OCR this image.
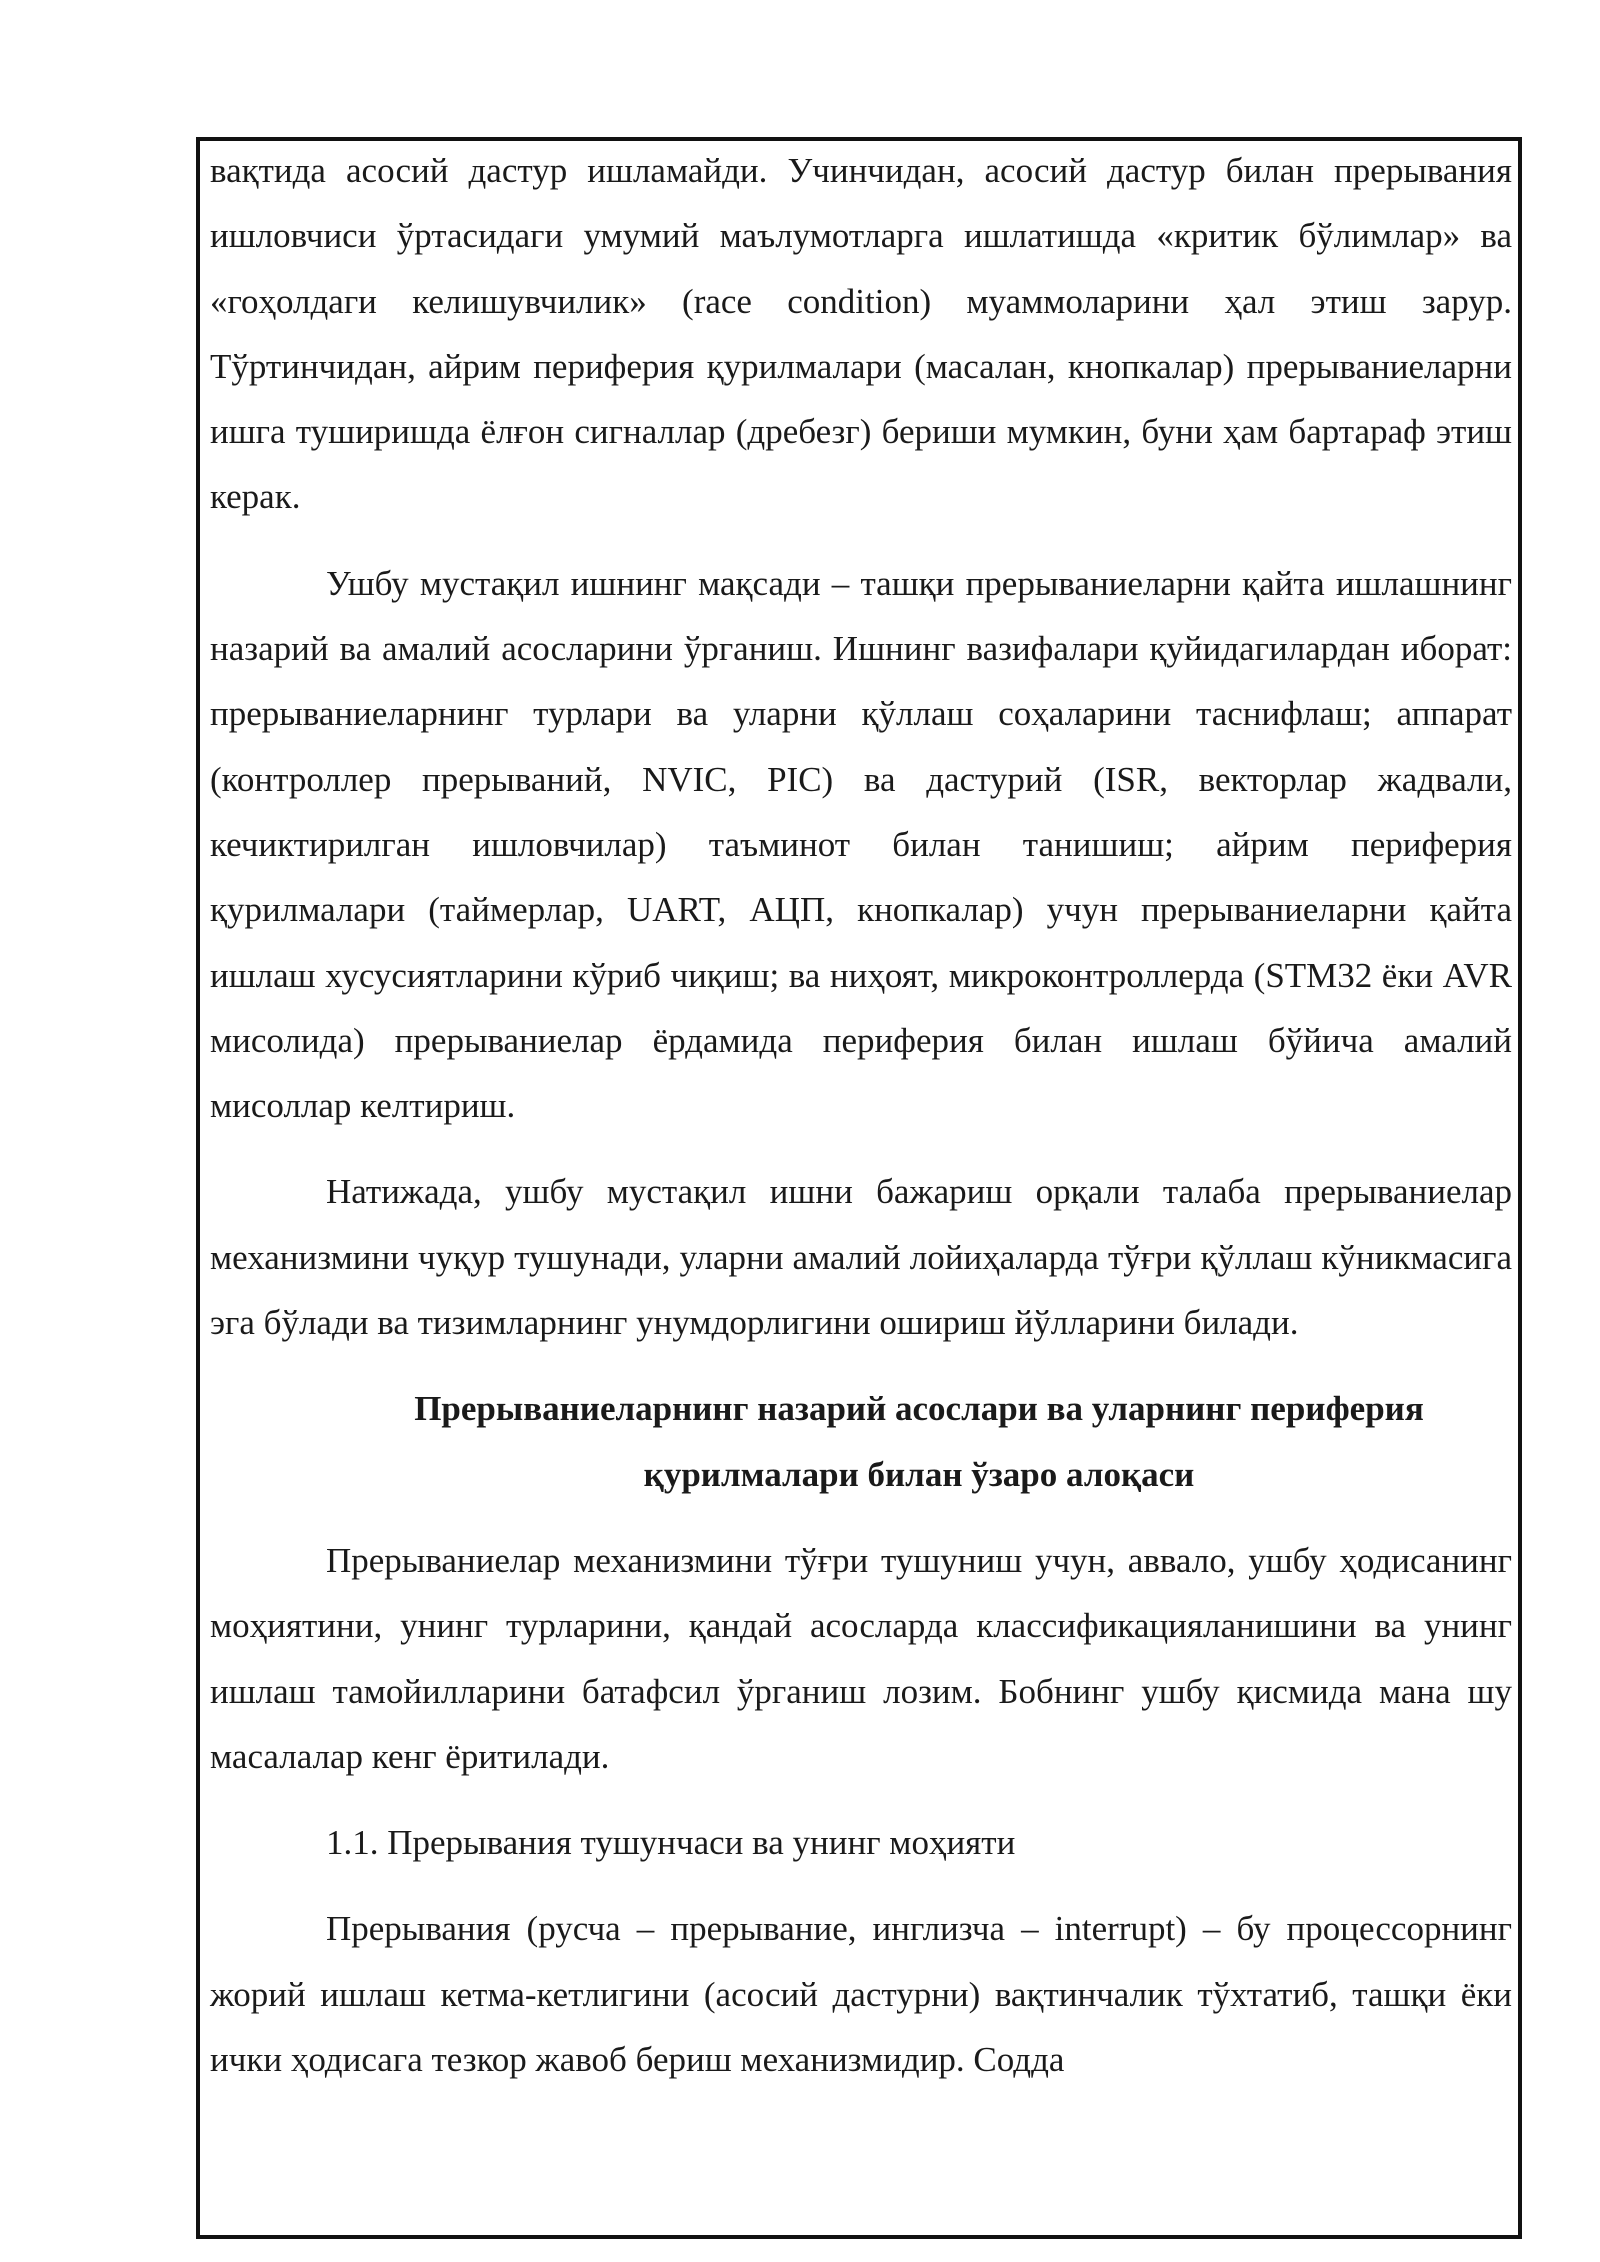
вақтида асосий дастур ишламайди. Учинчидан, асосий дастур билан прерывания ишловчиси ўртасидаги умумий маълумотларга ишлатишда «критик бўлимлар» ва «гоҳолдаги келишувчилик» (race condition) муаммоларини ҳал этиш зарур. Тўртинчидан, айрим периферия қурилмалари (масалан, кнопкалар) прерываниеларни ишга туширишда ёлғон сигналлар (дребезг) бериши мумкин, буни ҳам бартараф этиш керак.

Ушбу мустақил ишнинг мақсади – ташқи прерываниеларни қайта ишлашнинг назарий ва амалий асосларини ўрганиш. Ишнинг вазифалари қуйидагилардан иборат: прерываниеларнинг турлари ва уларни қўллаш соҳаларини таснифлаш; аппарат (контроллер прерываний, NVIC, PIC) ва дастурий (ISR, векторлар жадвали, кечиктирилган ишловчилар) таъминот билан танишиш; айрим периферия қурилмалари (таймерлар, UART, АЦП, кнопкалар) учун прерываниеларни қайта ишлаш хусусиятларини кўриб чиқиш; ва ниҳоят, микроконтроллерда (STM32 ёки AVR мисолида) прерываниелар ёрдамида периферия билан ишлаш бўйича амалий мисоллар келтириш.

Натижада, ушбу мустақил ишни бажариш орқали талаба прерываниелар механизмини чуқур тушунади, уларни амалий лойиҳаларда тўғри қўллаш кўникмасига эга бўлади ва тизимларнинг унумдорлигини ошириш йўлларини билади.

Прерываниеларнинг назарий асослари ва уларнинг периферия
қурилмалари билан ўзаро алоқаси

Прерываниелар механизмини тўғри тушуниш учун, аввало, ушбу ҳодисанинг моҳиятини, унинг турларини, қандай асосларда классификацияланишини ва унинг ишлаш тамойилларини батафсил ўрганиш лозим. Бобнинг ушбу қисмида мана шу масалалар кенг ёритилади.

1.1. Прерывания тушунчаси ва унинг моҳияти

Прерывания (русча – прерывание, инглизча – interrupt) – бу процессорнинг жорий ишлаш кетма-кетлигини (асосий дастурни) вақтинчалик тўхтатиб, ташқи ёки ички ҳодисага тезкор жавоб бериш механизмидир. Содда
